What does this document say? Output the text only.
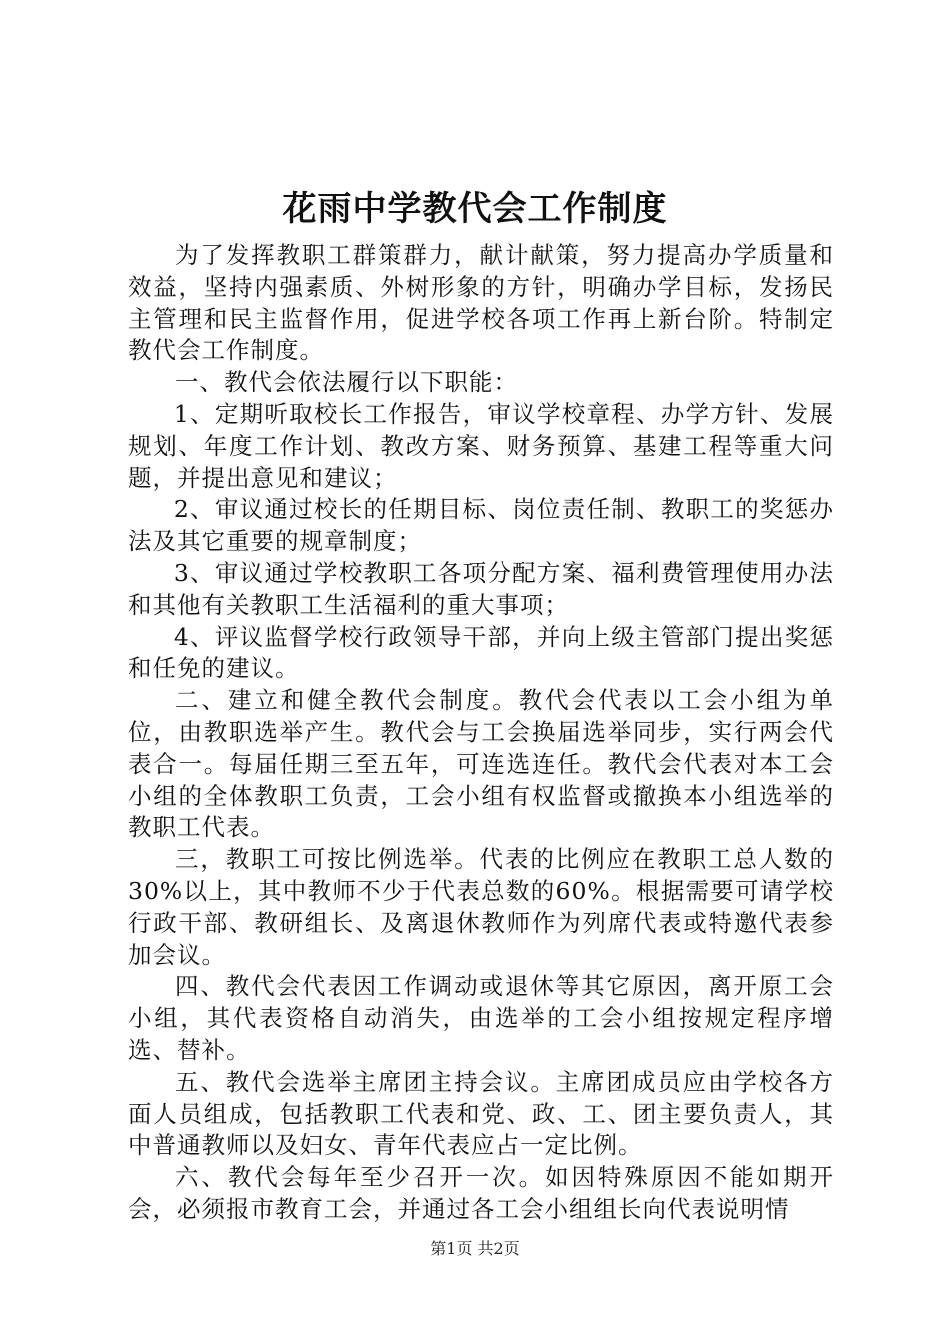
花雨中学教代会工作制度

为了发挥教职工群策群力，献计献策，努力提高办学质量和效益，坚持内强素质、外树形象的方针，明确办学目标，发扬民主管理和民主监督作用，促进学校各项工作再上新台阶。特制定教代会工作制度。

一、教代会依法履行以下职能：

1、定期听取校长工作报告，审议学校章程、办学方针、发展规划、年度工作计划、教改方案、财务预算、基建工程等重大问题，并提出意见和建议；

2、审议通过校长的任期目标、岗位责任制、教职工的奖惩办法及其它重要的规章制度；

3、审议通过学校教职工各项分配方案、福利费管理使用办法和其他有关教职工生活福利的重大事项；

4、评议监督学校行政领导干部，并向上级主管部门提出奖惩和任免的建议。

二、建立和健全教代会制度。教代会代表以工会小组为单位，由教职选举产生。教代会与工会换届选举同步，实行两会代表合一。每届任期三至五年，可连选连任。教代会代表对本工会小组的全体教职工负责，工会小组有权监督或撤换本小组选举的教职工代表。

三，教职工可按比例选举。代表的比例应在教职工总人数的30%以上，其中教师不少于代表总数的60%。根据需要可请学校行政干部、教研组长、及离退休教师作为列席代表或特邀代表参加会议。

四、教代会代表因工作调动或退休等其它原因，离开原工会小组，其代表资格自动消失，由选举的工会小组按规定程序增选、替补。

五、教代会选举主席团主持会议。主席团成员应由学校各方面人员组成，包括教职工代表和党、政、工、团主要负责人，其中普通教师以及妇女、青年代表应占一定比例。

六、教代会每年至少召开一次。如因特殊原因不能如期开会，必须报市教育工会，并通过各工会小组组长向代表说明情

第1页 共2页
